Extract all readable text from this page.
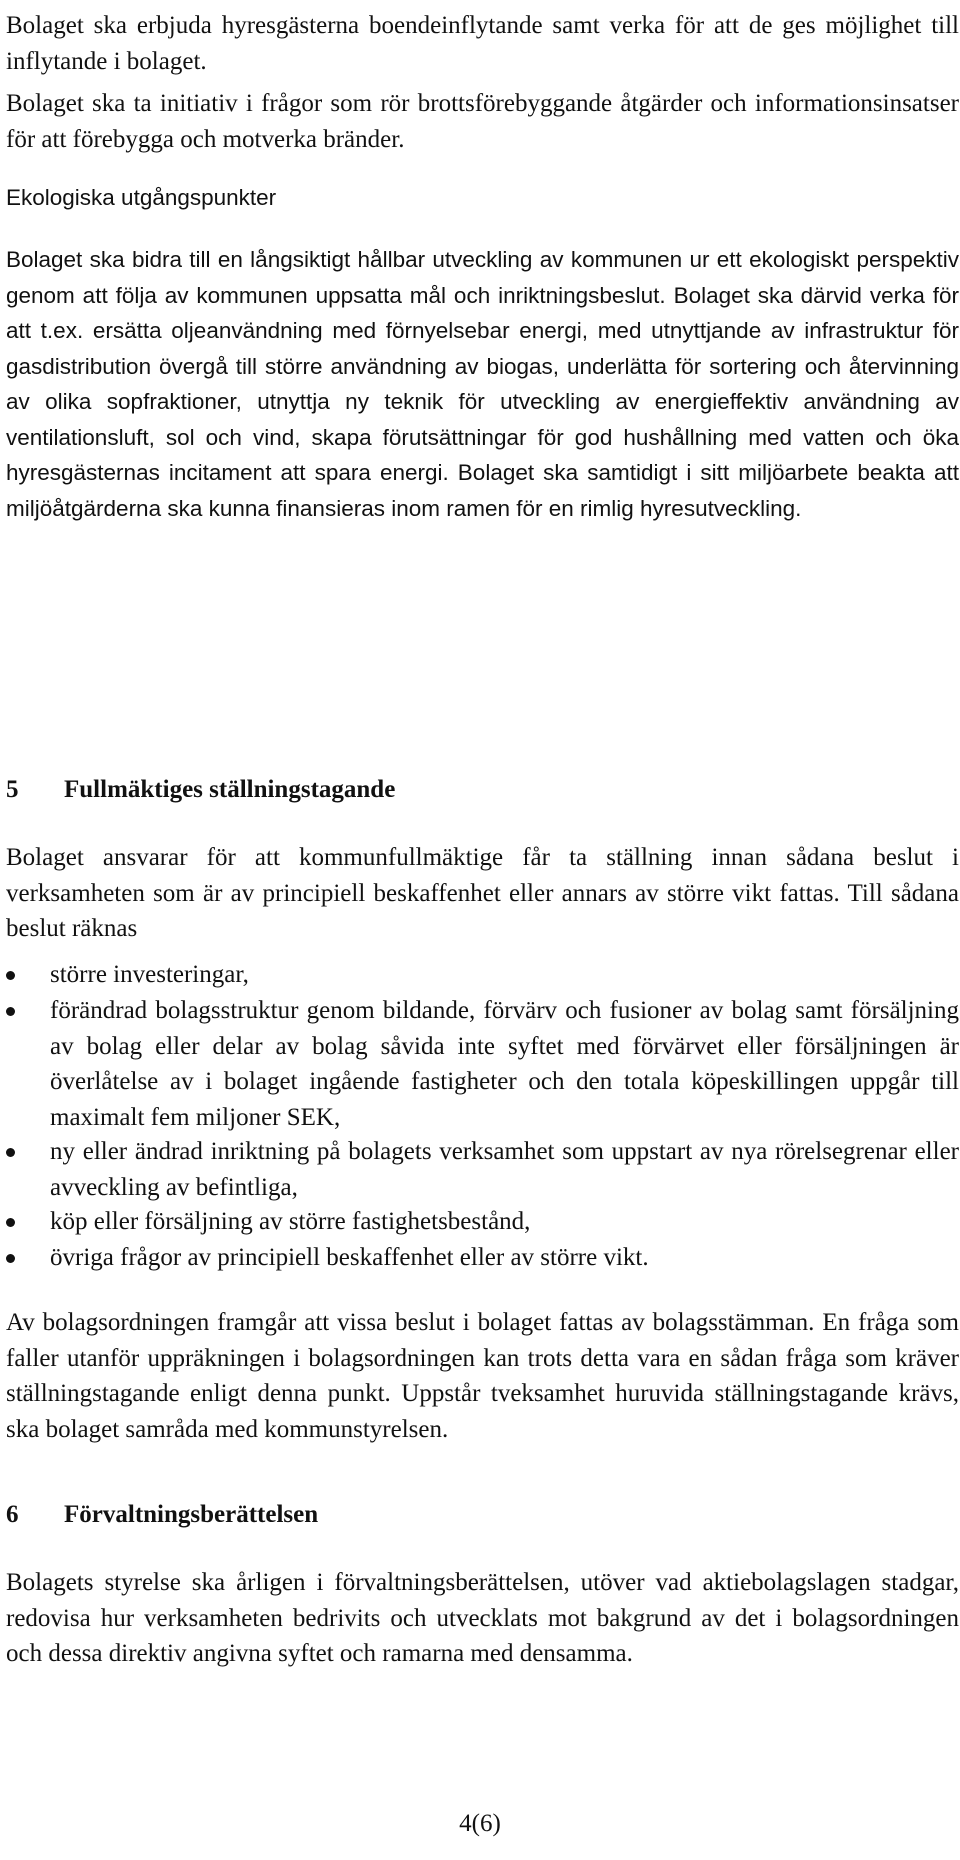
Bolaget ska erbjuda hyresgästerna boendeinflytande samt verka för att de ges möjlighet till inflytande i bolaget.

Bolaget ska ta initiativ i frågor som rör brottsförebyggande åtgärder och informationsinsatser för att förebygga och motverka bränder.

Ekologiska utgångspunkter

Bolaget ska bidra till en långsiktigt hållbar utveckling av kommunen ur ett ekologiskt perspektiv genom att följa av kommunen uppsatta mål och inriktningsbeslut. Bolaget ska därvid verka för att t.ex. ersätta oljeanvändning med förnyelsebar energi, med utnyttjande av infrastruktur för gasdistribution övergå till större användning av biogas, underlätta för sortering och återvinning av olika sopfraktioner, utnyttja ny teknik för utveckling av energieffektiv användning av ventilationsluft, sol och vind, skapa förutsättningar för god hushållning med vatten och öka hyresgästernas incitament att spara energi. Bolaget ska samtidigt i sitt miljöarbete beakta att miljöåtgärderna ska kunna finansieras inom ramen för en rimlig hyresutveckling.

5 Fullmäktiges ställningstagande

Bolaget ansvarar för att kommunfullmäktige får ta ställning innan sådana beslut i verksamheten som är av principiell beskaffenhet eller annars av större vikt fattas. Till sådana beslut räknas

större investeringar,
förändrad bolagsstruktur genom bildande, förvärv och fusioner av bolag samt försäljning av bolag eller delar av bolag såvida inte syftet med förvärvet eller försäljningen är överlåtelse av i bolaget ingående fastigheter och den totala köpeskillingen uppgår till maximalt fem miljoner SEK,
ny eller ändrad inriktning på bolagets verksamhet som uppstart av nya rörelsegrenar eller avveckling av befintliga,
köp eller försäljning av större fastighetsbestånd,
övriga frågor av principiell beskaffenhet eller av större vikt.

Av bolagsordningen framgår att vissa beslut i bolaget fattas av bolagsstämman. En fråga som faller utanför uppräkningen i bolagsordningen kan trots detta vara en sådan fråga som kräver ställningstagande enligt denna punkt. Uppstår tveksamhet huruvida ställningstagande krävs, ska bolaget samråda med kommunstyrelsen.

6 Förvaltningsberättelsen

Bolagets styrelse ska årligen i förvaltningsberättelsen, utöver vad aktiebolagslagen stadgar, redovisa hur verksamheten bedrivits och utvecklats mot bakgrund av det i bolagsordningen och dessa direktiv angivna syftet och ramarna med densamma.

4(6)
